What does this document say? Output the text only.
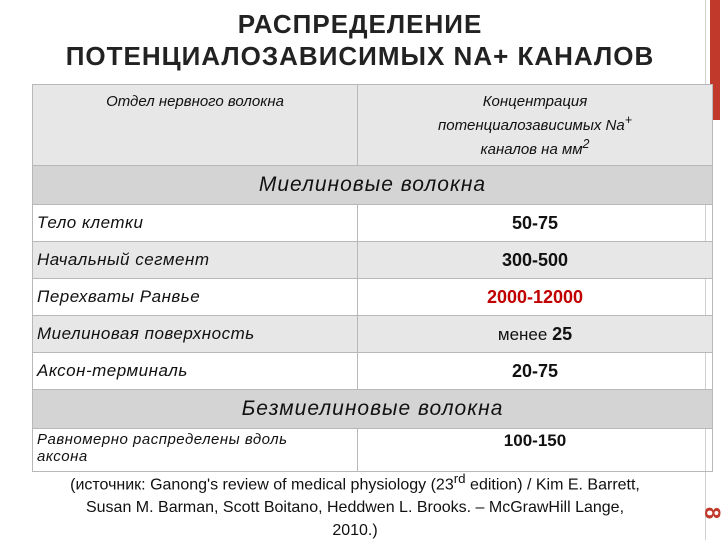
8
РАСПРЕДЕЛЕНИЕ
ПОТЕНЦИАЛОЗАВИСИМЫХ NA+ КАНАЛОВ
Отдел нервного волокна	Концентрация
потенциалозависимых Na+
каналов на $мм^2$

Миелиновые волокна	
Тело клетки	50-75
Начальный сегмент	300-500
Перехваты Ранвье	2000-12000
Миелиновая поверхность	менее 25
Аксон-терминаль	20-75
Безмиелиновые волокна	

Равномерно распределены вдоль
аксона	100-150
(источник: Ganong's review of medical physiology (23rd edition) / Kim E. Barrett,
Susan M. Barman, Scott Boitano, Heddwen L. Brooks. – McGrawHill Lange,
2010.)
